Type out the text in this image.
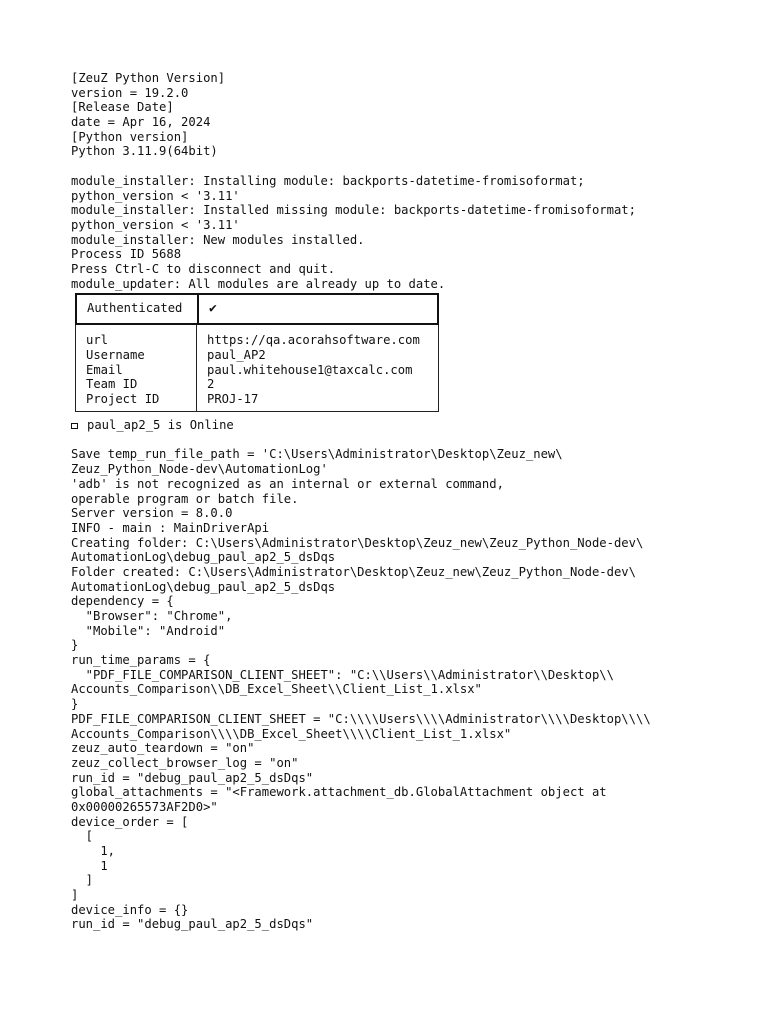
[ZeuZ Python Version]
version = 19.2.0
[Release Date]
date = Apr 16, 2024
[Python version]
Python 3.11.9(64bit)
module_installer: Installing module: backports-datetime-fromisoformat;
python_version < '3.11'
module_installer: Installed missing module: backports-datetime-fromisoformat;
python_version < '3.11'
module_installer: New modules installed.
Process ID 5688
Press Ctrl-C to disconnect and quit.
module_updater: All modules are already up to date.
Authenticated	✔
url
Username
Email
Team ID
Project ID
https://qa.acorahsoftware.com
paul_AP2
paul.whitehouse1@taxcalc.com
2
PROJ-17
paul_ap2_5 is Online
Save temp_run_file_path = 'C:\Users\Administrator\Desktop\Zeuz_new\
Zeuz_Python_Node-dev\AutomationLog'
'adb' is not recognized as an internal or external command,
operable program or batch file.
Server version = 8.0.0
INFO - main : MainDriverApi
Creating folder: C:\Users\Administrator\Desktop\Zeuz_new\Zeuz_Python_Node-dev\
AutomationLog\debug_paul_ap2_5_dsDqs
Folder created: C:\Users\Administrator\Desktop\Zeuz_new\Zeuz_Python_Node-dev\
AutomationLog\debug_paul_ap2_5_dsDqs
dependency = {
"Browser": "Chrome",
"Mobile": "Android"
}
run_time_params = {
"PDF_FILE_COMPARISON_CLIENT_SHEET": "C:\\Users\\Administrator\\Desktop\\
Accounts_Comparison\\DB_Excel_Sheet\\Client_List_1.xlsx"
}
PDF_FILE_COMPARISON_CLIENT_SHEET = "C:\\\\Users\\\\Administrator\\\\Desktop\\\\
Accounts_Comparison\\\\DB_Excel_Sheet\\\\Client_List_1.xlsx"
zeuz_auto_teardown = "on"
zeuz_collect_browser_log = "on"
run_id = "debug_paul_ap2_5_dsDqs"
global_attachments = "<Framework.attachment_db.GlobalAttachment object at
0x00000265573AF2D0>"
device_order = [
[
1,
1
]
]
device_info = {}
run_id = "debug_paul_ap2_5_dsDqs"
